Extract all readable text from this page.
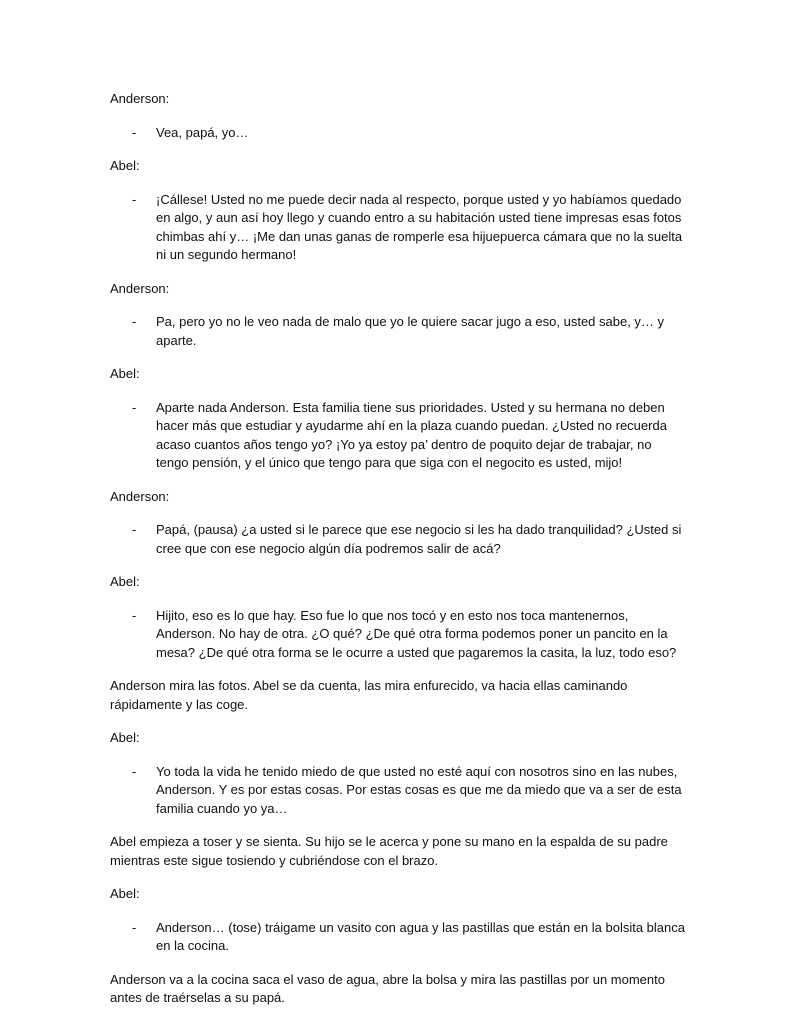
Anderson:

- Vea, papá, yo…

Abel:

- ¡Cállese! Usted no me puede decir nada al respecto, porque usted y yo habíamos quedado en algo, y aun así hoy llego y cuando entro a su habitación usted tiene impresas esas fotos chimbas ahí y… ¡Me dan unas ganas de romperle esa hijuepuerca cámara que no la suelta ni un segundo hermano!

Anderson:

- Pa, pero yo no le veo nada de malo que yo le quiere sacar jugo a eso, usted sabe, y… y aparte.

Abel:

- Aparte nada Anderson. Esta familia tiene sus prioridades. Usted y su hermana no deben hacer más que estudiar y ayudarme ahí en la plaza cuando puedan. ¿Usted no recuerda acaso cuantos años tengo yo? ¡Yo ya estoy pa’ dentro de poquito dejar de trabajar, no tengo pensión, y el único que tengo para que siga con el negocito es usted, mijo!

Anderson:

- Papá, (pausa) ¿a usted si le parece que ese negocio si les ha dado tranquilidad? ¿Usted si cree que con ese negocio algún día podremos salir de acá?

Abel:

- Hijito, eso es lo que hay. Eso fue lo que nos tocó y en esto nos toca mantenernos, Anderson. No hay de otra. ¿O qué? ¿De qué otra forma podemos poner un pancito en la mesa? ¿De qué otra forma se le ocurre a usted que pagaremos la casita, la luz, todo eso?

Anderson mira las fotos. Abel se da cuenta, las mira enfurecido, va hacia ellas caminando rápidamente y las coge.

Abel:

- Yo toda la vida he tenido miedo de que usted no esté aquí con nosotros sino en las nubes, Anderson. Y es por estas cosas. Por estas cosas es que me da miedo que va a ser de esta familia cuando yo ya…

Abel empieza a toser y se sienta. Su hijo se le acerca y pone su mano en la espalda de su padre mientras este sigue tosiendo y cubriéndose con el brazo.

Abel:

- Anderson… (tose) tráigame un vasito con agua y las pastillas que están en la bolsita blanca en la cocina.

Anderson va a la cocina saca el vaso de agua, abre la bolsa y mira las pastillas por un momento antes de traérselas a su papá.
